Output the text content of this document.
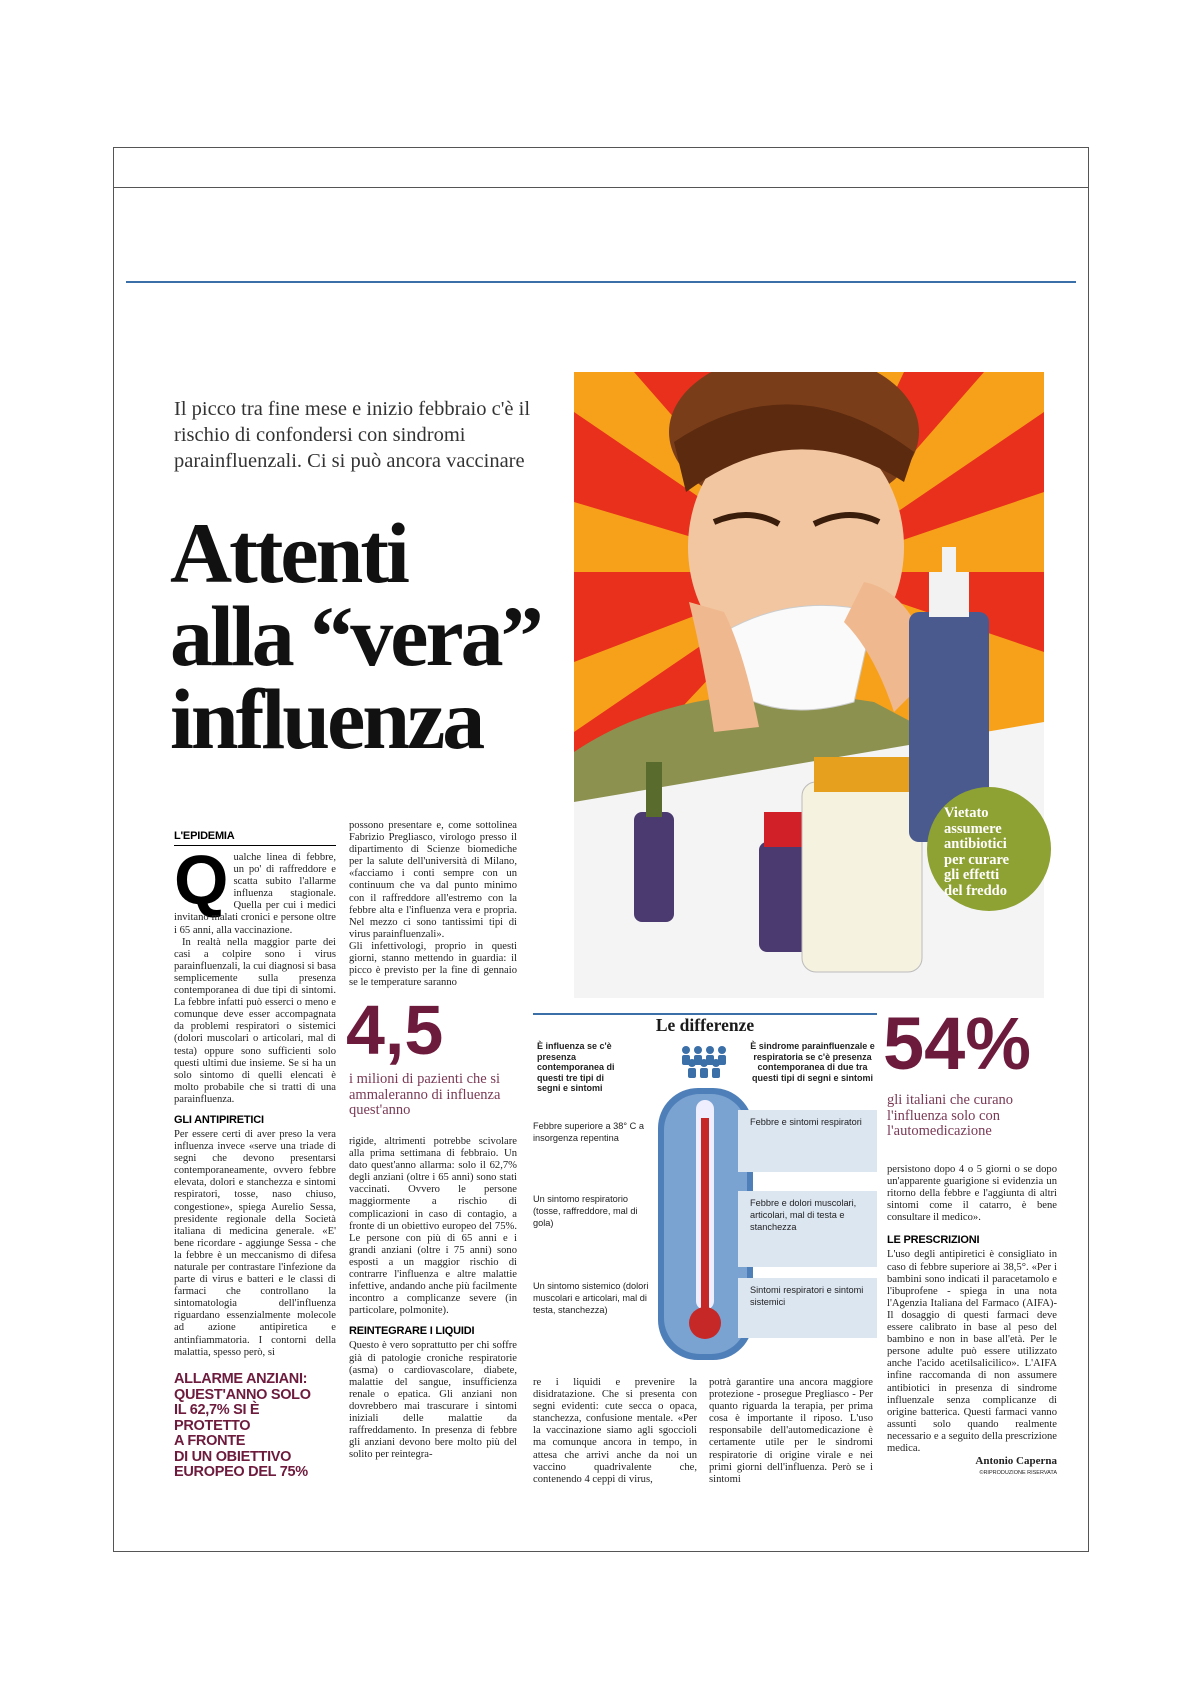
Il picco tra fine mese e inizio febbraio c'è il rischio di confondersi con sindromi parainfluenzali. Ci si può ancora vaccinare
Attenti
alla “vera”
influenza
Vietato
assumere
antibiotici
per curare
gli effetti
del freddo
L'EPIDEMIA

Qualche linea di febbre, un po' di raffreddore e scatta subito l'allarme influenza stagionale. Quella per cui i medici invitano malati cronici e persone oltre i 65 anni, alla vaccinazione.

In realtà nella maggior parte dei casi a colpire sono i virus parainfluenzali, la cui diagnosi si basa semplicemente sulla presenza contemporanea di due tipi di sintomi. La febbre infatti può esserci o meno e comunque deve esser accompagnata da problemi respiratori o sistemici (dolori muscolari o articolari, mal di testa) oppure sono sufficienti solo questi ultimi due insieme. Se si ha un solo sintomo di quelli elencati è molto probabile che si tratti di una parainfluenza.

GLI ANTIPIRETICI

Per essere certi di aver preso la vera influenza invece «serve una triade di segni che devono presentarsi contemporaneamente, ovvero febbre elevata, dolori e stanchezza e sintomi respiratori, tosse, naso chiuso, congestione», spiega Aurelio Sessa, presidente regionale della Società italiana di medicina generale. «E' bene ricordare - aggiunge Sessa - che la febbre è un meccanismo di difesa naturale per contrastare l'infezione da parte di virus e batteri e le classi di farmaci che controllano la sintomatologia dell'influenza riguardano essenzialmente molecole ad azione antipiretica e antinfiammatoria. I contorni della malattia, spesso però, si

ALLARME ANZIANI:
QUEST'ANNO SOLO
IL 62,7% SI È PROTETTO
A FRONTE
DI UN OBIETTIVO
EUROPEO DEL 75%

possono presentare e, come sottolinea Fabrizio Pregliasco, virologo presso il dipartimento di Scienze biomediche per la salute dell'università di Milano, «facciamo i conti sempre con un continuum che va dal punto minimo con il raffreddore all'estremo con la febbre alta e l'influenza vera e propria. Nel mezzo ci sono tantissimi tipi di virus parainfluenzali».

Gli infettivologi, proprio in questi giorni, stanno mettendo in guardia: il picco è previsto per la fine di gennaio se le temperature saranno

4,5
i milioni di pazienti che si ammaleranno di influenza quest'anno

rigide, altrimenti potrebbe scivolare alla prima settimana di febbraio. Un dato quest'anno allarma: solo il 62,7% degli anziani (oltre i 65 anni) sono stati vaccinati. Ovvero le persone maggiormente a rischio di complicazioni in caso di contagio, a fronte di un obiettivo europeo del 75%. Le persone con più di 65 anni e i grandi anziani (oltre i 75 anni) sono esposti a un maggior rischio di contrarre l'influenza e altre malattie infettive, andando anche più facilmente incontro a complicanze severe (in particolare, polmonite).

REINTEGRARE I LIQUIDI

Questo è vero soprattutto per chi soffre già di patologie croniche respiratorie (asma) o cardiovascolare, diabete, malattie del sangue, insufficienza renale o epatica. Gli anziani non dovrebbero mai trascurare i sintomi iniziali delle malattie da raffreddamento. In presenza di febbre gli anziani devono bere molto più del solito per reintegra-

Le differenze
È influenza se c'è presenza contemporanea di questi tre tipi di segni e sintomi
È sindrome parainfluenzale e respiratoria se c'è presenza contemporanea di due tra questi tipi di segni e sintomi
Febbre superiore a 38° C a insorgenza repentina
Un sintomo respiratorio (tosse, raffreddore, mal di gola)
Un sintomo sistemico (dolori muscolari e articolari, mal di testa, stanchezza)
Febbre e sintomi respiratori
Febbre e dolori muscolari, articolari, mal di testa e stanchezza
Sintomi respiratori e sintomi sistemici
re i liquidi e prevenire la disidratazione. Che si presenta con segni evidenti: cute secca o opaca, stanchezza, confusione mentale. «Per la vaccinazione siamo agli sgoccioli ma comunque ancora in tempo, in attesa che arrivi anche da noi un vaccino quadrivalente che, contenendo 4 ceppi di virus,
potrà garantire una ancora maggiore protezione - prosegue Pregliasco - Per quanto riguarda la terapia, per prima cosa è importante il riposo. L'uso responsabile dell'automedicazione è certamente utile per le sindromi respiratorie di origine virale e nei primi giorni dell'influenza. Però se i sintomi
54%
gli italiani che curano l'influenza solo con l'automedicazione

persistono dopo 4 o 5 giorni o se dopo un'apparente guarigione si evidenzia un ritorno della febbre e l'aggiunta di altri sintomi come il catarro, è bene consultare il medico».

LE PRESCRIZIONI

L'uso degli antipiretici è consigliato in caso di febbre superiore ai 38,5°. «Per i bambini sono indicati il paracetamolo e l'ibuprofene - spiega in una nota l'Agenzia Italiana del Farmaco (AIFA)- Il dosaggio di questi farmaci deve essere calibrato in base al peso del bambino e non in base all'età. Per le persone adulte può essere utilizzato anche l'acido acetilsalicilico». L'AIFA infine raccomanda di non assumere antibiotici in presenza di sindrome influenzale senza complicanze di origine batterica. Questi farmaci vanno assunti solo quando realmente necessario e a seguito della prescrizione medica.

Antonio Caperna
©RIPRODUZIONE RISERVATA
